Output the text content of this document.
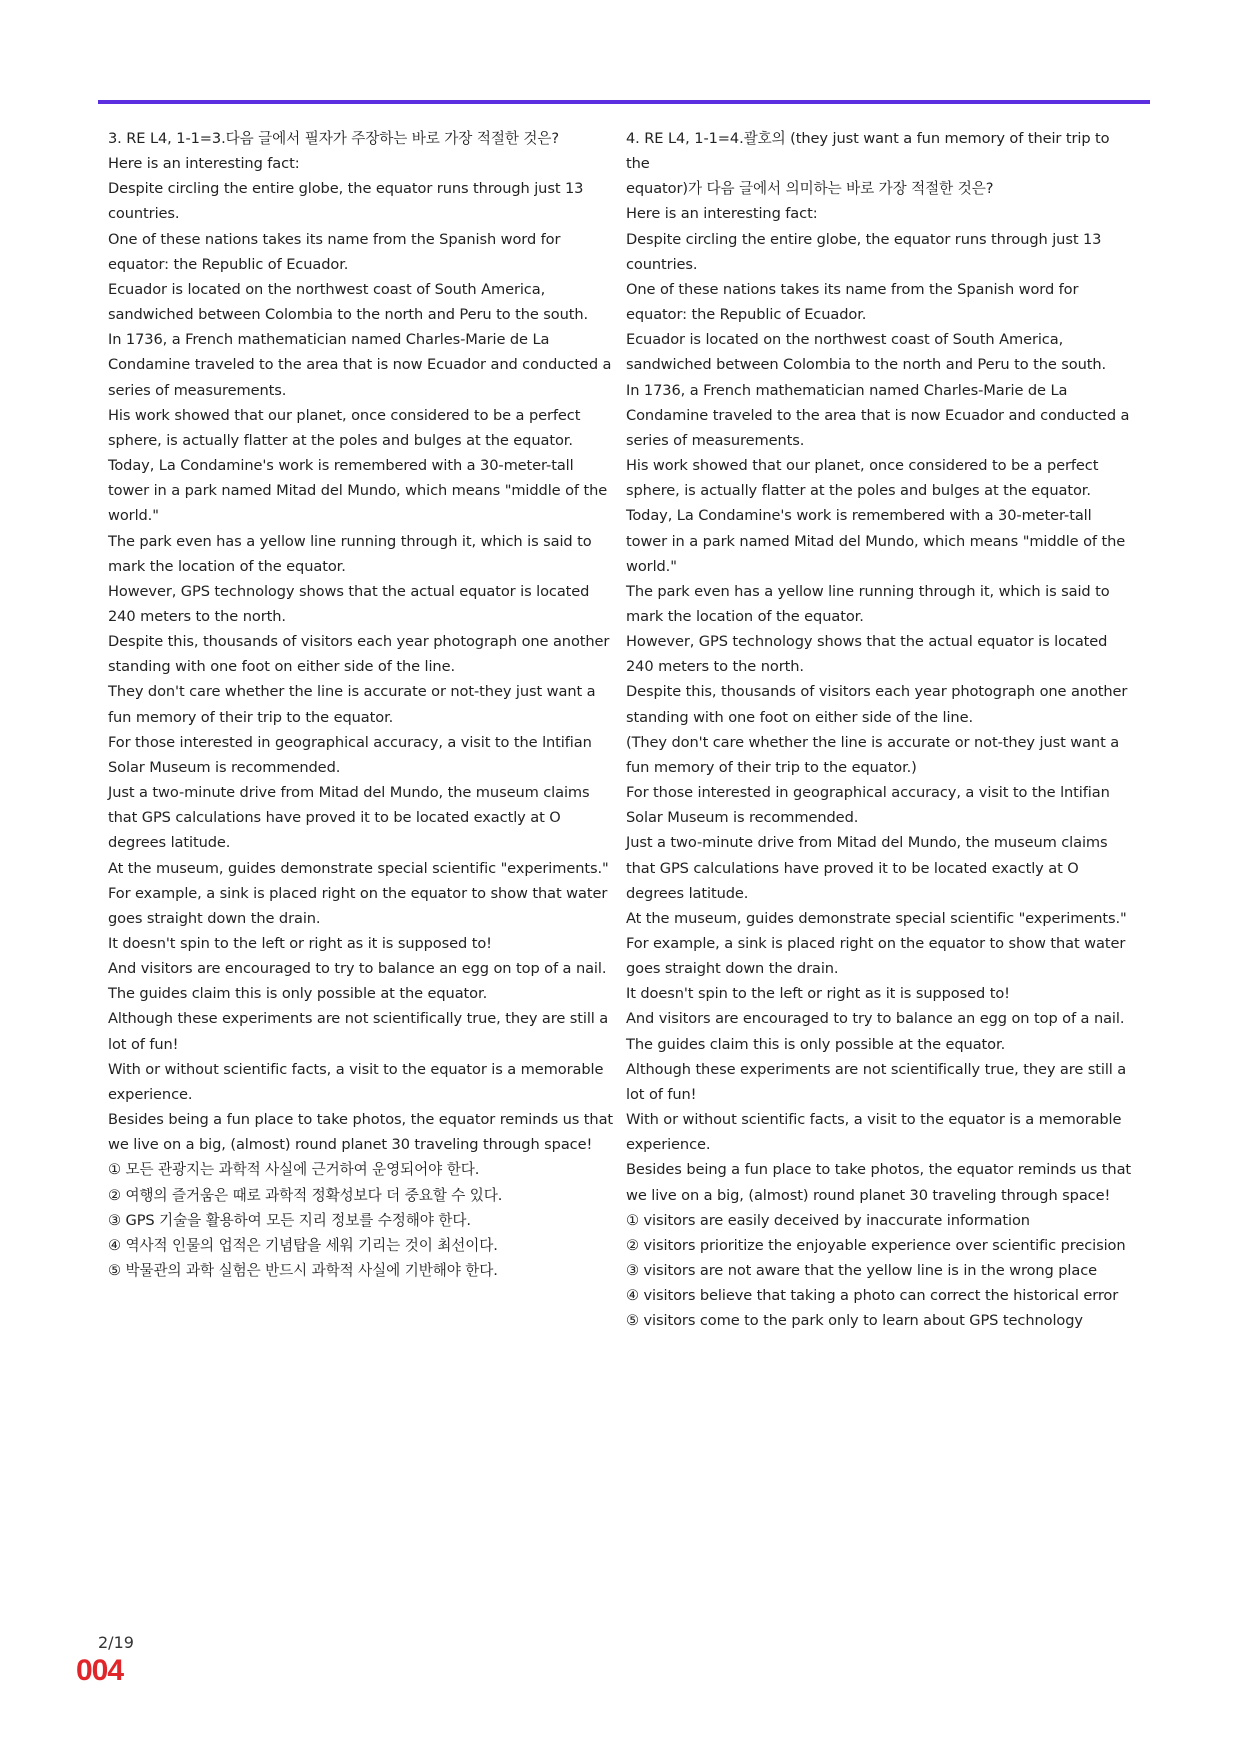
3. RE L4, 1-1=3.다음 글에서 필자가 주장하는 바로 가장 적절한 것은?

Here is an interesting fact:

Despite circling the entire globe, the equator runs through just 13 countries.

One of these nations takes its name from the Spanish word for equator: the Republic of Ecuador.

Ecuador is located on the northwest coast of South America, sandwiched between Colombia to the north and Peru to the south.

In 1736, a French mathematician named Charles-Marie de La Condamine traveled to the area that is now Ecuador and conducted a series of measurements.

His work showed that our planet, once considered to be a perfect sphere, is actually flatter at the poles and bulges at the equator.

Today, La Condamine's work is remembered with a 30-meter-tall tower in a park named Mitad del Mundo, which means "middle of the world."

The park even has a yellow line running through it, which is said to mark the location of the equator.

However, GPS technology shows that the actual equator is located 240 meters to the north.

Despite this, thousands of visitors each year photograph one another standing with one foot on either side of the line.

They don't care whether the line is accurate or not-they just want a fun memory of their trip to the equator.

For those interested in geographical accuracy, a visit to the lntifian Solar Museum is recommended.

Just a two-minute drive from Mitad del Mundo, the museum claims that GPS calculations have proved it to be located exactly at O degrees latitude.

At the museum, guides demonstrate special scientific "experiments."

For example, a sink is placed right on the equator to show that water goes straight down the drain.

It doesn't spin to the left or right as it is supposed to!

And visitors are encouraged to try to balance an egg on top of a nail.

The guides claim this is only possible at the equator.

Although these experiments are not scientifically true, they are still a lot of fun!

With or without scientific facts, a visit to the equator is a memorable experience.

Besides being a fun place to take photos, the equator reminds us that we live on a big, (almost) round planet 30 traveling through space!

① 모든 관광지는 과학적 사실에 근거하여 운영되어야 한다.

② 여행의 즐거움은 때로 과학적 정확성보다 더 중요할 수 있다.

③ GPS 기술을 활용하여 모든 지리 정보를 수정해야 한다.

④ 역사적 인물의 업적은 기념탑을 세워 기리는 것이 최선이다.

⑤ 박물관의 과학 실험은 반드시 과학적 사실에 기반해야 한다.

4. RE L4, 1-1=4.괄호의 (they just want a fun memory of their trip to the

equator)가 다음 글에서 의미하는 바로 가장 적절한 것은?

Here is an interesting fact:

Despite circling the entire globe, the equator runs through just 13 countries.

One of these nations takes its name from the Spanish word for equator: the Republic of Ecuador.

Ecuador is located on the northwest coast of South America, sandwiched between Colombia to the north and Peru to the south.

In 1736, a French mathematician named Charles-Marie de La Condamine traveled to the area that is now Ecuador and conducted a series of measurements.

His work showed that our planet, once considered to be a perfect sphere, is actually flatter at the poles and bulges at the equator.

Today, La Condamine's work is remembered with a 30-meter-tall tower in a park named Mitad del Mundo, which means "middle of the world."

The park even has a yellow line running through it, which is said to mark the location of the equator.

However, GPS technology shows that the actual equator is located 240 meters to the north.

Despite this, thousands of visitors each year photograph one another standing with one foot on either side of the line.

(They don't care whether the line is accurate or not-they just want a fun memory of their trip to the equator.)

For those interested in geographical accuracy, a visit to the lntifian Solar Museum is recommended.

Just a two-minute drive from Mitad del Mundo, the museum claims that GPS calculations have proved it to be located exactly at O degrees latitude.

At the museum, guides demonstrate special scientific "experiments."

For example, a sink is placed right on the equator to show that water goes straight down the drain.

It doesn't spin to the left or right as it is supposed to!

And visitors are encouraged to try to balance an egg on top of a nail.

The guides claim this is only possible at the equator.

Although these experiments are not scientifically true, they are still a lot of fun!

With or without scientific facts, a visit to the equator is a memorable experience.

Besides being a fun place to take photos, the equator reminds us that we live on a big, (almost) round planet 30 traveling through space!

① visitors are easily deceived by inaccurate information

② visitors prioritize the enjoyable experience over scientific precision

③ visitors are not aware that the yellow line is in the wrong place

④ visitors believe that taking a photo can correct the historical error

⑤ visitors come to the park only to learn about GPS technology

2/19
004
